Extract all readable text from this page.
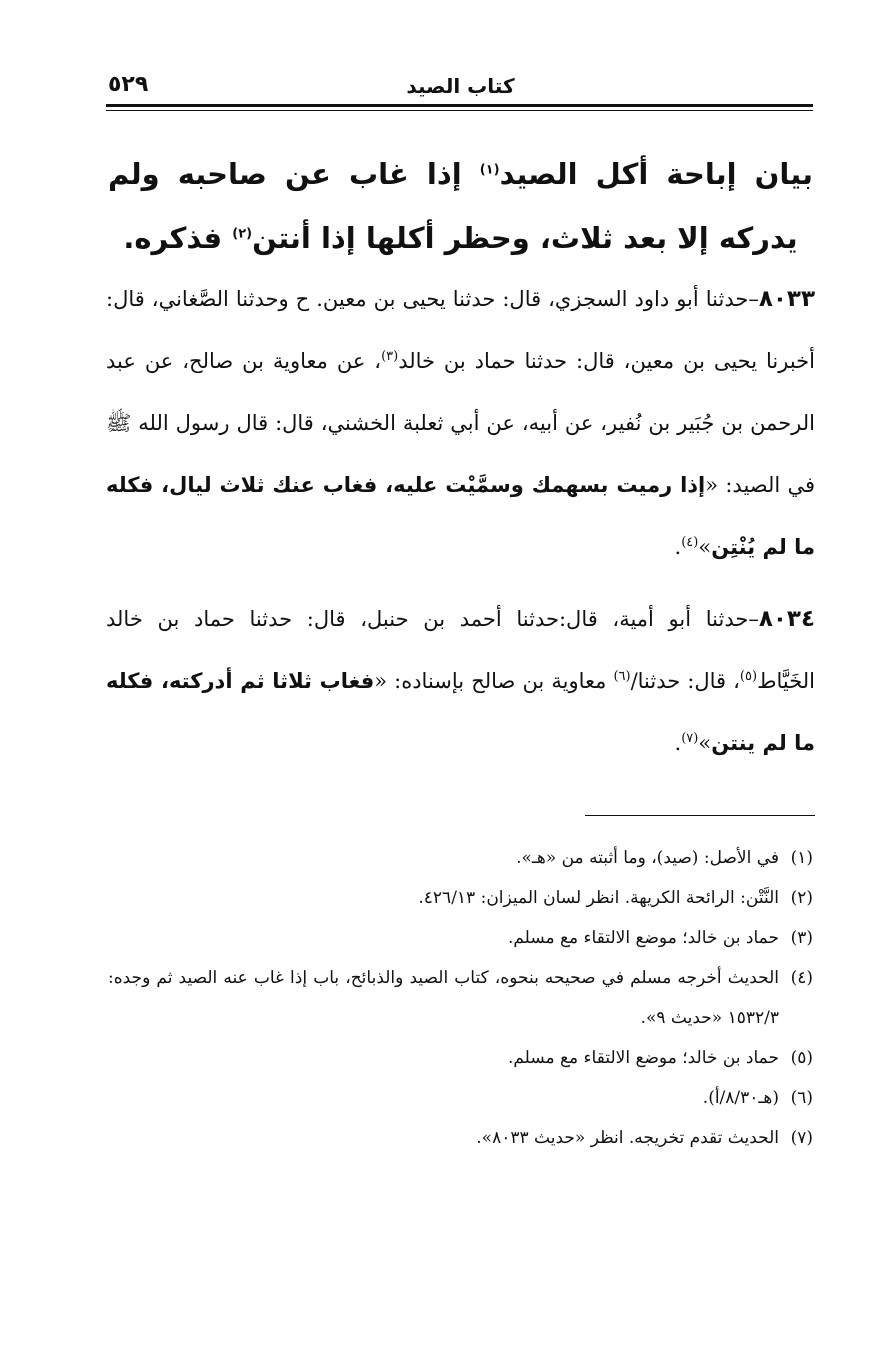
كتاب الصيد
٥٢٩
بيان إباحة أكل الصيد$^{(١)}$ إذا غاب عن صاحبه ولم يدركه إلا بعد ثلاث، وحظر أكلها إذا أنتن$^{(٢)}$ فذكره.

٨٠٣٣–حدثنا أبو داود السجزي، قال: حدثنا يحيى بن معين. ح وحدثنا الصَّغاني، قال: أخبرنا يحيى بن معين، قال: حدثنا حماد بن خالد$^{(٣)}$، عن معاوية بن صالح، عن عبد الرحمن بن جُبَير بن نُفير، عن أبيه، عن أبي ثعلبة الخشني، قال: قال رسول الله ﷺ في الصيد: «إذا رميت بسهمك وسمَّيْت عليه، فغاب عنك ثلاث ليال، فكله ما لم يُنْتِن»$^{(٤)}$.

٨٠٣٤–حدثنا أبو أمية، قال:حدثنا أحمد بن حنبل، قال: حدثنا حماد بن خالد الخَيَّاط$^{(٥)}$، قال: حدثنا/$^{(٦)}$ معاوية بن صالح بإسناده: «فغاب ثلاثا ثم أدركته، فكله ما لم ينتن»$^{(٧)}$.

(١)
في الأصل: (صيد)، وما أثبته من «هـ».
(٢)
النَّتْن: الرائحة الكريهة. انظر لسان الميزان: ٤٢٦/١٣.
(٣)
حماد بن خالد؛ موضع الالتقاء مع مسلم.
(٤)
الحديث أخرجه مسلم في صحيحه بنحوه، كتاب الصيد والذبائح، باب إذا غاب عنه الصيد ثم وجده: ١٥٣٢/٣ «حديث ٩».
(٥)
حماد بن خالد؛ موضع الالتقاء مع مسلم.
(٦)
(هـ٨/٣٠/أ).
(٧)
الحديث تقدم تخريجه. انظر «حديث ٨٠٣٣».
